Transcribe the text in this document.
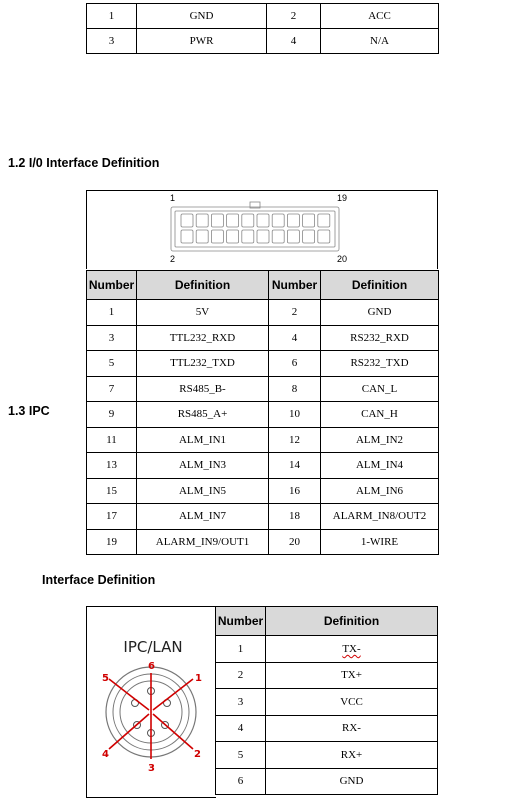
1	GND	2	ACC
3	PWR	4	N/A
1.2 I/0 Interface Definition
1	19
2	20
Number	Definition	Number	Definition
1	5V	2	GND
3	TTL232_RXD	4	RS232_RXD
5	TTL232_TXD	6	RS232_TXD
7	RS485_B-	8	CAN_L
9	RS485_A+	10	CAN_H
11	ALM_IN1	12	ALM_IN2
13	ALM_IN3	14	ALM_IN4
15	ALM_IN5	16	ALM_IN6
17	ALM_IN7	18	ALARM_IN8/OUT2
19	ALARM_IN9/OUT1	20	1-WIRE
1.3 IPC
Interface Definition
IPC/LAN
1
2
3
4
5
6
Number	Definition
1	TX-
2	TX+
3	VCC
4	RX-
5	RX+
6	GND
